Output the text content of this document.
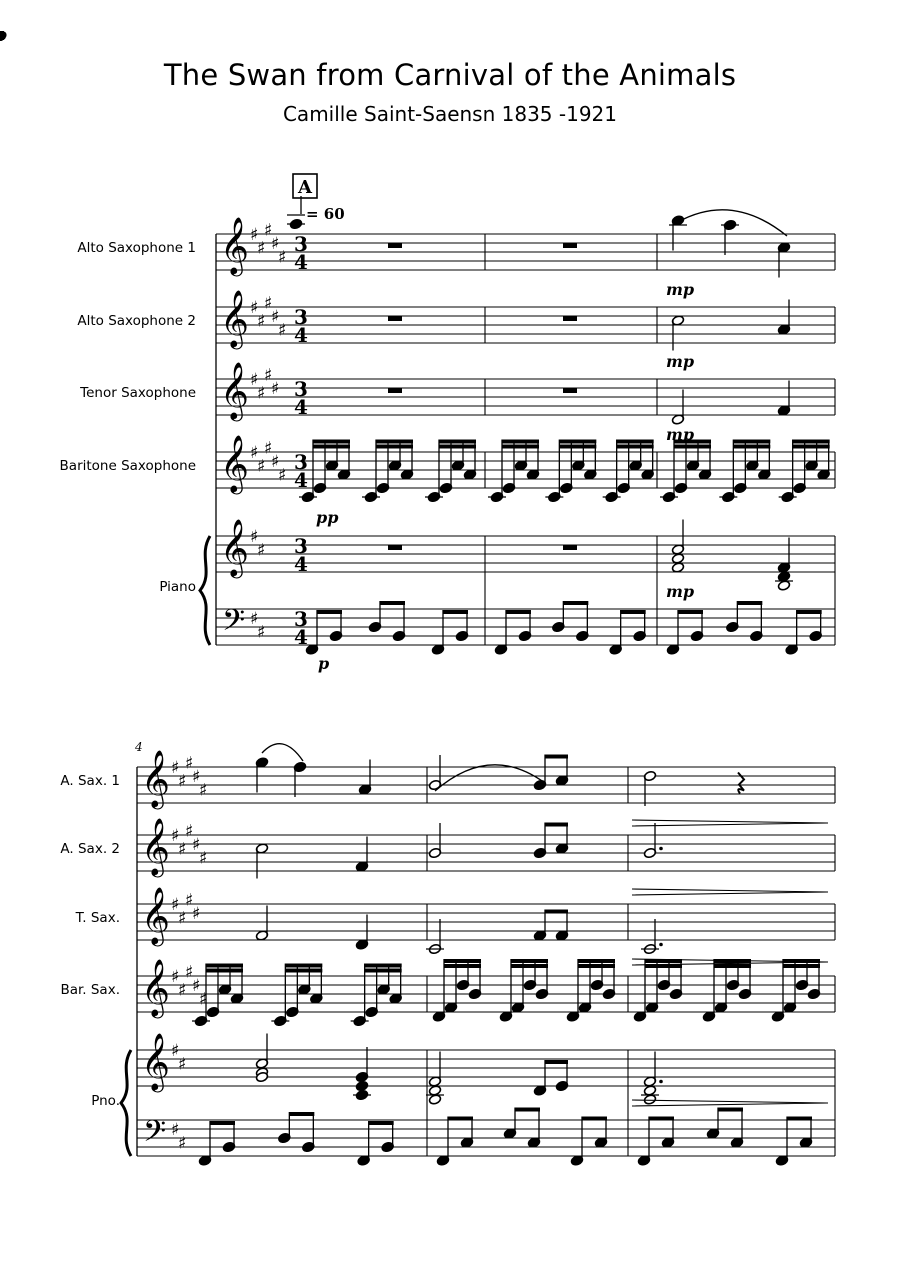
The Swan from Carnival of the Animals
Camille Saint-Saensn 1835 -1921
Alto Saxophone 1 𝄞 ♯
♯
♯
♯
♯
3
4
Alto Saxophone 2 𝄞 ♯
♯
♯
♯
♯
3
4
Tenor Saxophone 𝄞 ♯
♯
♯
♯ 3
4
Baritone Saxophone 𝄞 ♯
♯
♯
♯
♯
3
4
Piano
𝄞 ♯
♯ 3
4
𝄢 ♯
♯
3
4
A. Sax. 1 𝄞 ♯
♯
♯
♯
♯
A. Sax. 2 𝄞 ♯
♯
♯
♯
♯
T. Sax. 𝄞 ♯
♯
♯
♯
Bar. Sax. 𝄞 ♯
♯
♯
♯
♯
Pno.
𝄞 ♯
♯
𝄢 ♯
♯
4
A
= 60
mp
mp
mp
pp
mp
p
